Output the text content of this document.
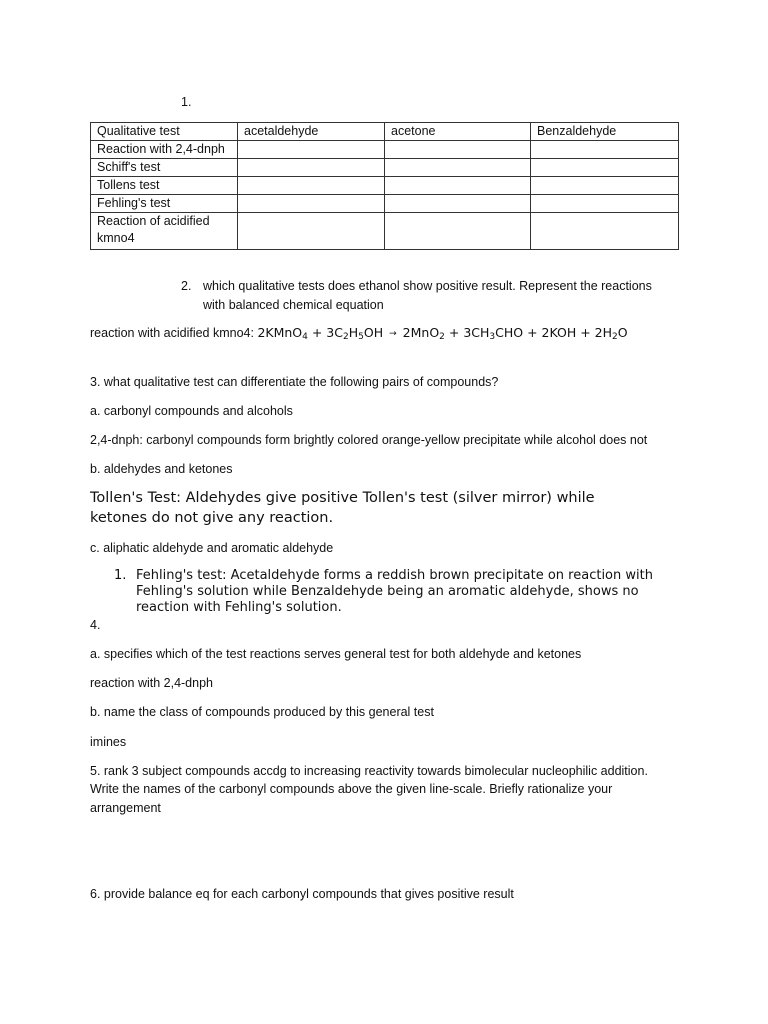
1.
Qualitative test	acetaldehyde	acetone	Benzaldehyde
Reaction with 2,4-dnph			
Schiff's test			
Tollens test			
Fehling's test			
Reaction of acidified kmno4			
2. which qualitative tests does ethanol show positive result. Represent the reactions
with balanced chemical equation
reaction with acidified kmno4: 2KMnO$_4$ + $3C_2H_5OH \to 2MnO_2 + 3CH_3CHO + 2KOH + 2H_2O$
3. what qualitative test can differentiate the following pairs of compounds?
a. carbonyl compounds and alcohols
2,4-dnph: carbonyl compounds form brightly colored orange-yellow precipitate while alcohol does not
b. aldehydes and ketones
Tollen's Test: Aldehydes give positive Tollen's test (silver mirror) while
ketones do not give any reaction.
c. aliphatic aldehyde and aromatic aldehyde
1. Fehling's test: Acetaldehyde forms a reddish brown precipitate on reaction with
Fehling's solution while Benzaldehyde being an aromatic aldehyde, shows no
reaction with Fehling's solution.
4.
a. specifies which of the test reactions serves general test for both aldehyde and ketones
reaction with 2,4-dnph
b. name the class of compounds produced by this general test
imines
5. rank 3 subject compounds accdg to increasing reactivity towards bimolecular nucleophilic addition.
Write the names of the carbonyl compounds above the given line-scale. Briefly rationalize your
arrangement
6. provide balance eq for each carbonyl compounds that gives positive result
